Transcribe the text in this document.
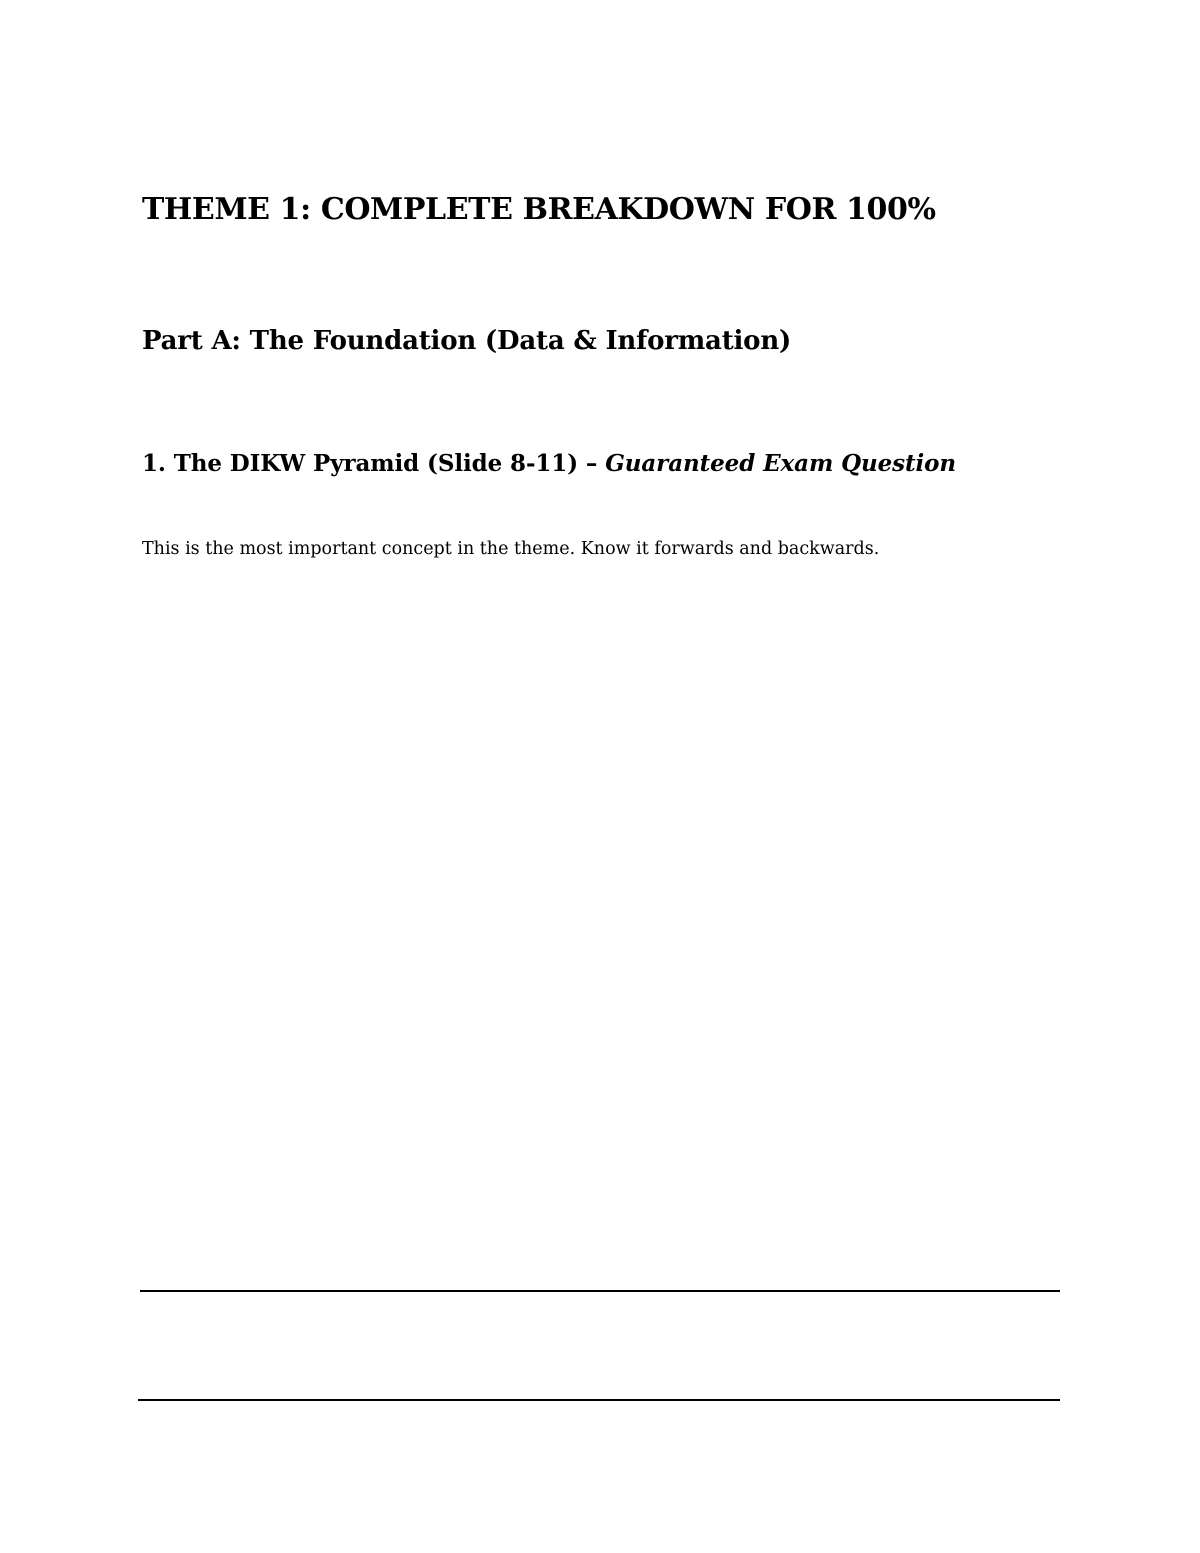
THEME 1: COMPLETE BREAKDOWN FOR 100%
Part A: The Foundation (Data & Information)
1. The DIKW Pyramid (Slide 8-11) – Guaranteed Exam Question

This is the most important concept in the theme. Know it forwards and backwards.
